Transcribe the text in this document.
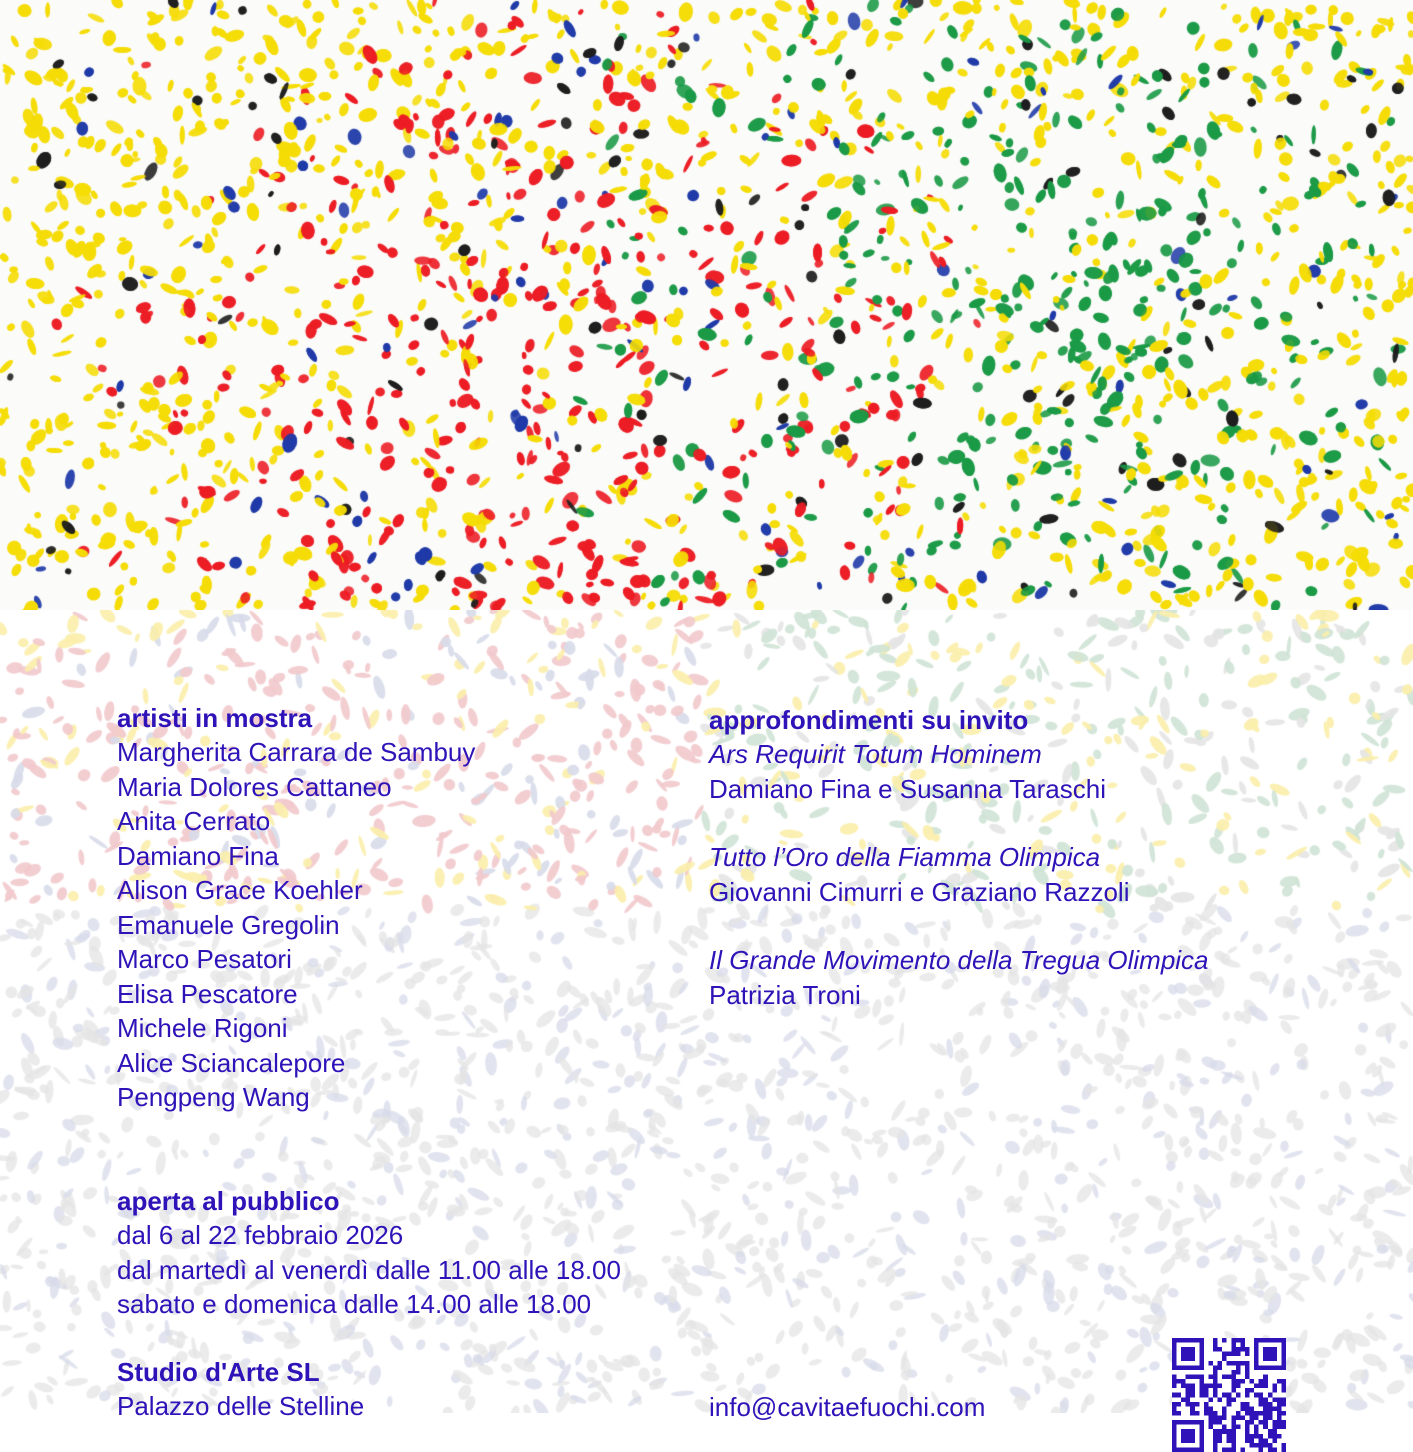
artisti in mostra
Margherita Carrara de Sambuy
Maria Dolores Cattaneo
Anita Cerrato
Damiano Fina
Alison Grace Koehler
Emanuele Gregolin
Marco Pesatori
Elisa Pescatore
Michele Rigoni
Alice Sciancalepore
Pengpeng Wang
approfondimenti su invito
Ars Requirit Totum Hominem
Damiano Fina e Susanna Taraschi
Tutto l’Oro della Fiamma Olimpica
Giovanni Cimurri e Graziano Razzoli
Il Grande Movimento della Tregua Olimpica
Patrizia Troni
aperta al pubblico
dal 6 al 22 febbraio 2026
dal martedì al venerdì dalle 11.00 alle 18.00
sabato e domenica dalle 14.00 alle 18.00
Studio d'Arte SL
Palazzo delle Stelline	info@cavitaefuochi.com
